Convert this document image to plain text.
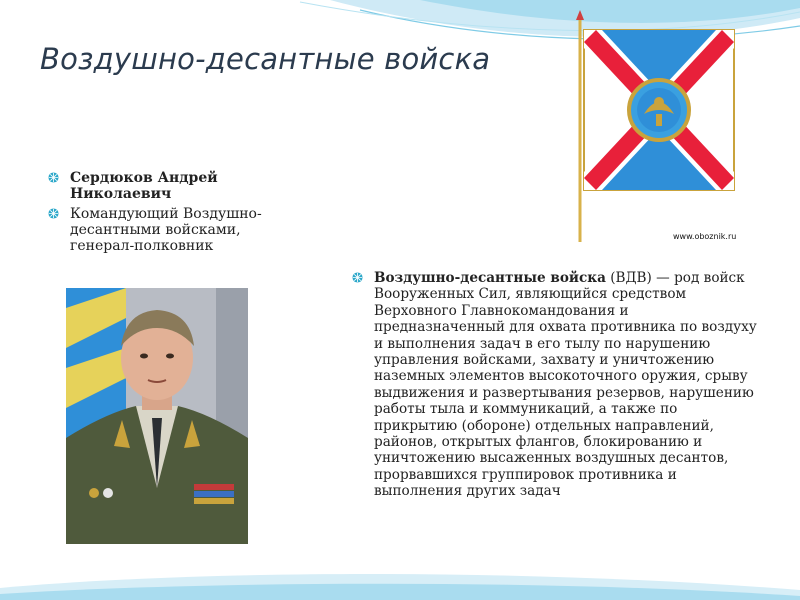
Воздушно-десантные войска
www.oboznik.ru
Сердюков Андрей Николаевич
Командующий Воздушно-десантными войсками, генерал-полковник
Воздушно-десантные войска (ВДВ) — род войск Вооруженных Сил, являющийся средством Верховного Главнокомандования и предназначенный для охвата противника по воздуху и выполнения задач в его тылу по нарушению управления войсками, захвату и уничтожению наземных элементов высокоточного оружия, срыву выдвижения и развертывания резервов, нарушению работы тыла и коммуникаций, а также по прикрытию (обороне) отдельных направлений, районов, открытых флангов, блокированию и уничтожению высаженных воздушных десантов, прорвавшихся группировок противника и выполнения других задач
